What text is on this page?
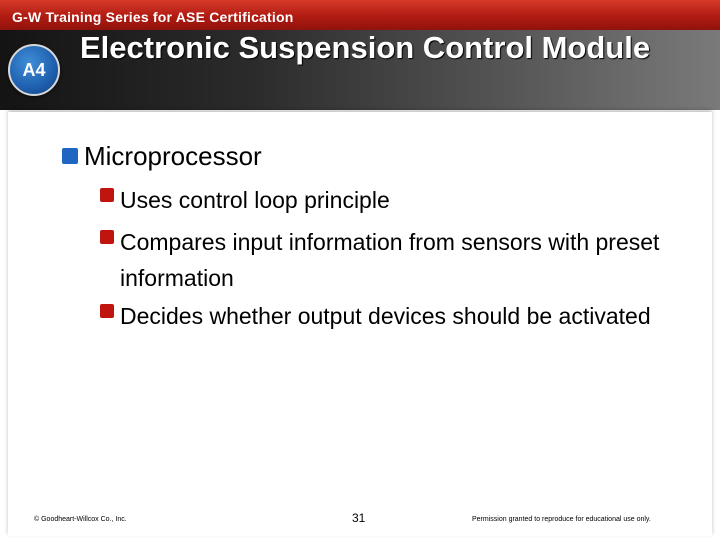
G-W Training Series for ASE Certification
A4
Electronic Suspension Control Module
Microprocessor
Uses control loop principle
Compares input information from sensors with preset information
Decides whether output devices should be activated
© Goodheart-Willcox Co., Inc.	31	Permission granted to reproduce for educational use only.
